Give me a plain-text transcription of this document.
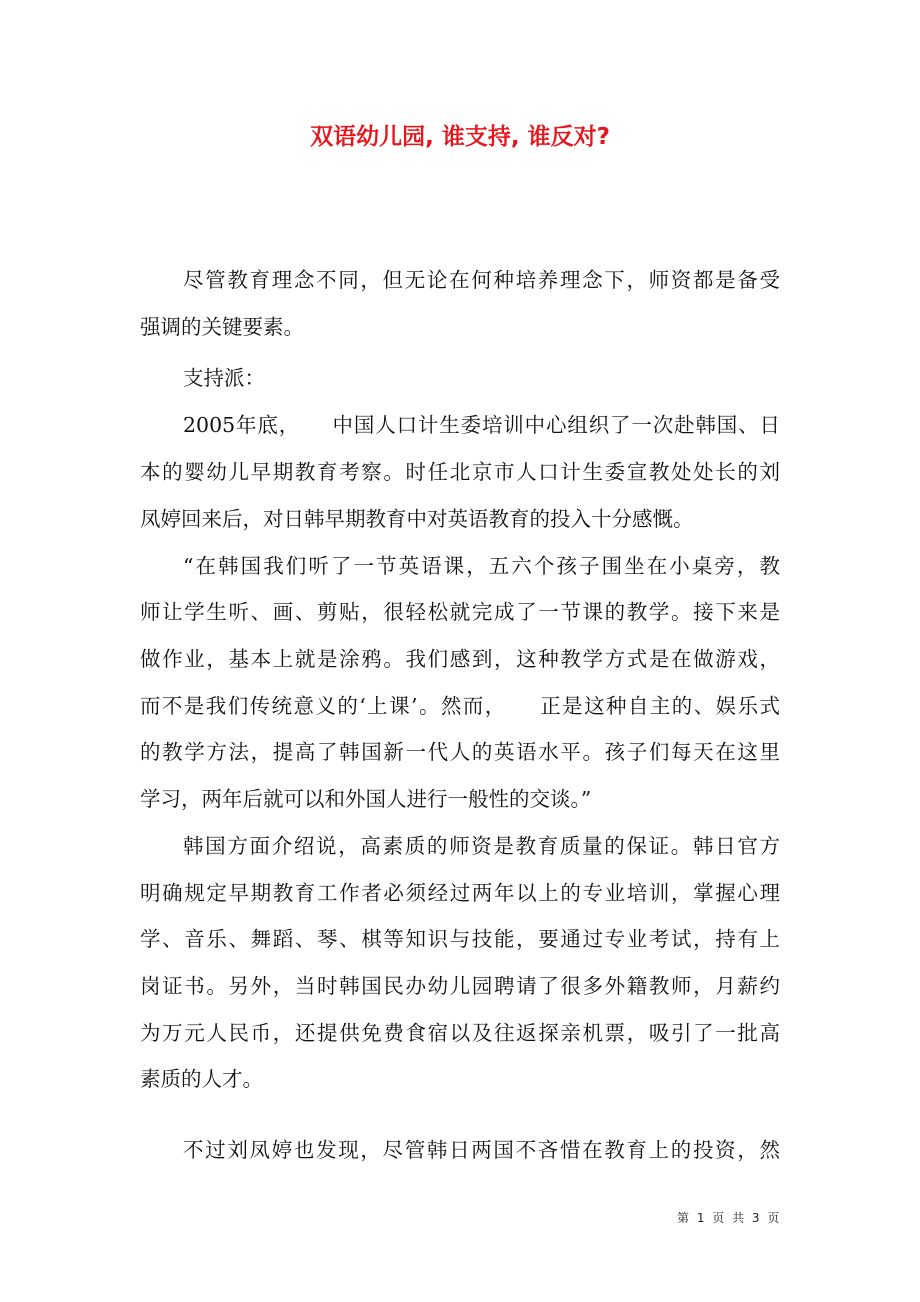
双语幼儿园, 谁支持, 谁反对?
尽管教育理念不同，但无论在何种培养理念下，师资都是备受
强调的关键要素。
支持派：
2005年底，　　中国人口计生委培训中心组织了一次赴韩国、日
本的婴幼儿早期教育考察。时任北京市人口计生委宣教处处长的刘
凤婷回来后，对日韩早期教育中对英语教育的投入十分感慨。
“在韩国我们听了一节英语课，五六个孩子围坐在小桌旁，教
师让学生听、画、剪贴，很轻松就完成了一节课的教学。接下来是
做作业，基本上就是涂鸦。我们感到，这种教学方式是在做游戏，
而不是我们传统意义的‘上课’。然而，　　正是这种自主的、娱乐式
的教学方法，提高了韩国新一代人的英语水平。孩子们每天在这里
学习，两年后就可以和外国人进行一般性的交谈。”
韩国方面介绍说，高素质的师资是教育质量的保证。韩日官方
明确规定早期教育工作者必须经过两年以上的专业培训，掌握心理
学、音乐、舞蹈、琴、棋等知识与技能，要通过专业考试，持有上
岗证书。另外，当时韩国民办幼儿园聘请了很多外籍教师，月薪约
为万元人民币，还提供免费食宿以及往返探亲机票，吸引了一批高
素质的人才。
不过刘凤婷也发现，尽管韩日两国不吝惜在教育上的投资，然
第 1 页 共 3 页
